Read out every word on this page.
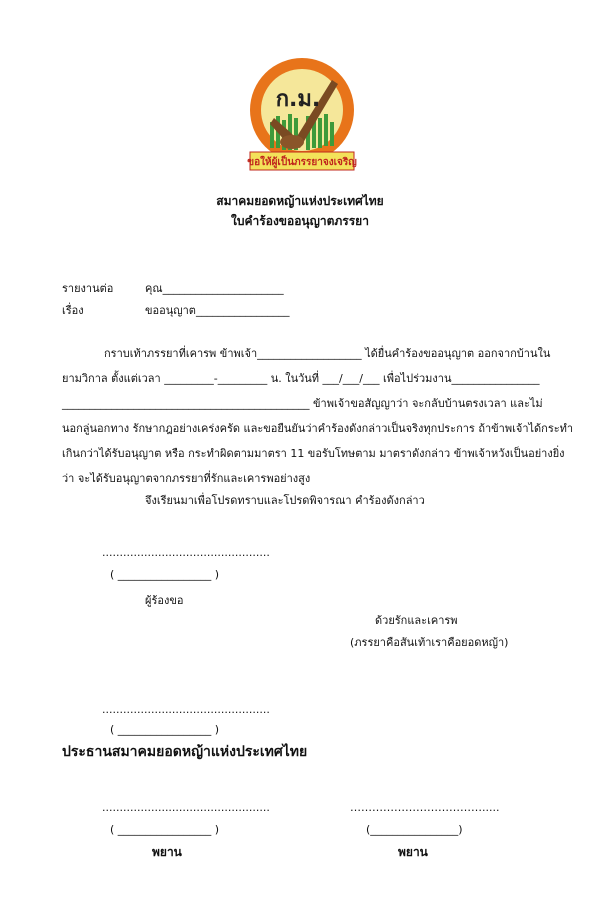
ก.ม.
ขอให้ผู้เป็นภรรยาจงเจริญ
สมาคมยอดหญ้าแห่งประเทศไทย
ใบคำร้องขออนุญาตภรรยา
รายงานต่อ	คุณ______________________
เรื่อง	ขออนุญาต_________________
กราบเท้าภรรยาที่เคารพ ข้าพเจ้า___________________ ได้ยื่นคำร้องขออนุญาต ออกจากบ้านใน
ยามวิกาล ตั้งแต่เวลา _________-_________ น. ในวันที่ ___/___/___ เพื่อไปร่วมงาน________________
_____________________________________________ ข้าพเจ้าขอสัญญาว่า จะกลับบ้านตรงเวลา และไม่
นอกลู่นอกทาง รักษากฎอย่างเคร่งครัด และขอยืนยันว่าคำร้องดังกล่าวเป็นจริงทุกประการ ถ้าข้าพเจ้าได้กระทำ
เกินกว่าได้รับอนุญาต หรือ กระทำผิดตามมาตรา 11 ขอรับโทษตาม มาตราดังกล่าว ข้าพเจ้าหวังเป็นอย่างยิ่ง
ว่า จะได้รับอนุญาตจากภรรยาที่รักและเคารพอย่างสูง
จึงเรียนมาเพื่อโปรดทราบและโปรดพิจารณา คำร้องดังกล่าว
................................................
( _________________ )
ผู้ร้องขอ
ด้วยรักและเคารพ
(ภรรยาคือสันเท้าเราคือยอดหญ้า)
................................................
( _________________ )
ประธานสมาคมยอดหญ้าแห่งประเทศไทย
................................................
( _________________ )
พยาน
……………………………….....
(________________)
พยาน
